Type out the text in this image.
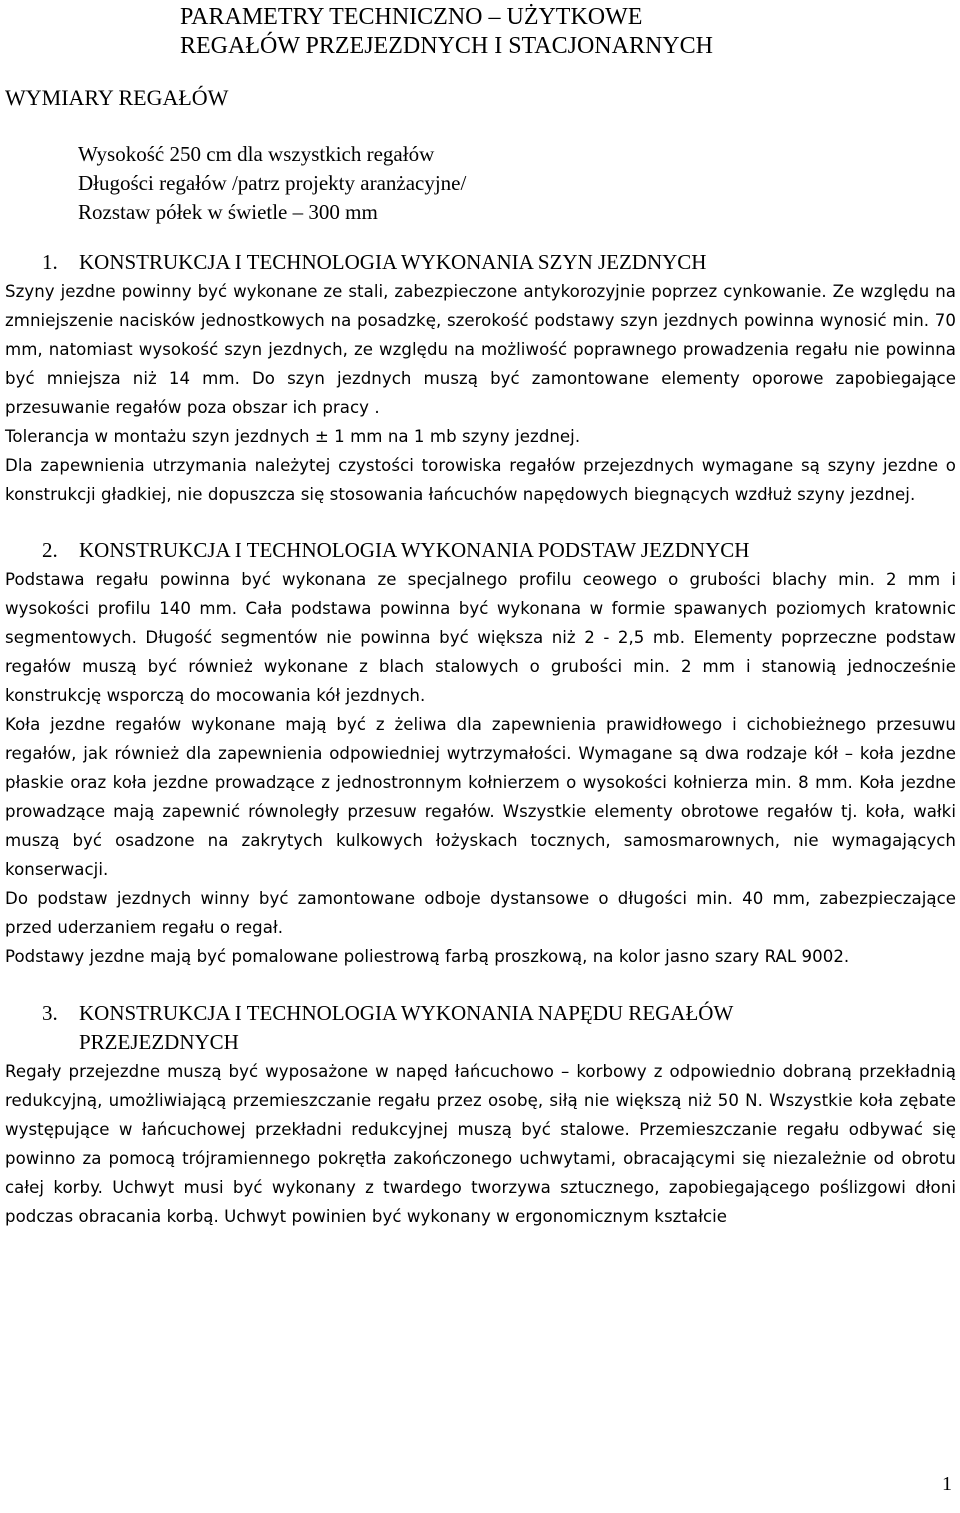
PARAMETRY TECHNICZNO – UŻYTKOWE
REGAŁÓW PRZEJEZDNYCH I STACJONARNYCH
WYMIARY REGAŁÓW
Wysokość 250 cm dla wszystkich regałów
Długości regałów /patrz projekty aranżacyjne/
Rozstaw półek w świetle – 300 mm
1. KONSTRUKCJA I TECHNOLOGIA WYKONANIA SZYN JEZDNYCH

Szyny jezdne powinny być wykonane ze stali, zabezpieczone antykorozyjnie poprzez cynkowanie. Ze względu na zmniejszenie nacisków jednostkowych na posadzkę, szerokość podstawy szyn jezdnych powinna wynosić min. 70 mm, natomiast wysokość szyn jezdnych, ze względu na możliwość poprawnego prowadzenia regału nie powinna być mniejsza niż 14 mm. Do szyn jezdnych muszą być zamontowane elementy oporowe zapobiegające przesuwanie regałów poza obszar ich pracy .

Tolerancja w montażu szyn jezdnych ± 1 mm na 1 mb szyny jezdnej.

Dla zapewnienia utrzymania należytej czystości torowiska regałów przejezdnych wymagane są szyny jezdne o konstrukcji gładkiej, nie dopuszcza się stosowania łańcuchów napędowych biegnących wzdłuż szyny jezdnej.

2. KONSTRUKCJA I TECHNOLOGIA WYKONANIA PODSTAW JEZDNYCH

Podstawa regału powinna być wykonana ze specjalnego profilu ceowego o grubości blachy min. 2 mm i wysokości profilu 140 mm. Cała podstawa powinna być wykonana w formie spawanych poziomych kratownic segmentowych. Długość segmentów nie powinna być większa niż 2 - 2,5 mb. Elementy poprzeczne podstaw regałów muszą być również wykonane z blach stalowych o grubości min. 2 mm i stanowią jednocześnie konstrukcję wsporczą do mocowania kół jezdnych.

Koła jezdne regałów wykonane mają być z żeliwa dla zapewnienia prawidłowego i cichobieżnego przesuwu regałów, jak również dla zapewnienia odpowiedniej wytrzymałości. Wymagane są dwa rodzaje kół – koła jezdne płaskie oraz koła jezdne prowadzące z jednostronnym kołnierzem o wysokości kołnierza min. 8 mm. Koła jezdne prowadzące mają zapewnić równoległy przesuw regałów. Wszystkie elementy obrotowe regałów tj. koła, wałki muszą być osadzone na zakrytych kulkowych łożyskach tocznych, samosmarownych, nie wymagających konserwacji.

Do podstaw jezdnych winny być zamontowane odboje dystansowe o długości min. 40 mm, zabezpieczające przed uderzaniem regału o regał.

Podstawy jezdne mają być pomalowane poliestrową farbą proszkową, na kolor jasno szary RAL 9002.

3. KONSTRUKCJA I TECHNOLOGIA WYKONANIA NAPĘDU REGAŁÓW
PRZEJEZDNYCH

Regały przejezdne muszą być wyposażone w napęd łańcuchowo – korbowy z odpowiednio dobraną przekładnią redukcyjną, umożliwiającą przemieszczanie regału przez osobę, siłą nie większą niż 50 N. Wszystkie koła zębate występujące w łańcuchowej przekładni redukcyjnej muszą być stalowe. Przemieszczanie regału odbywać się powinno za pomocą trójramiennego pokrętła zakończonego uchwytami, obracającymi się niezależnie od obrotu całej korby. Uchwyt musi być wykonany z twardego tworzywa sztucznego, zapobiegającego poślizgowi dłoni podczas obracania korbą. Uchwyt powinien być wykonany w ergonomicznym kształcie

1
